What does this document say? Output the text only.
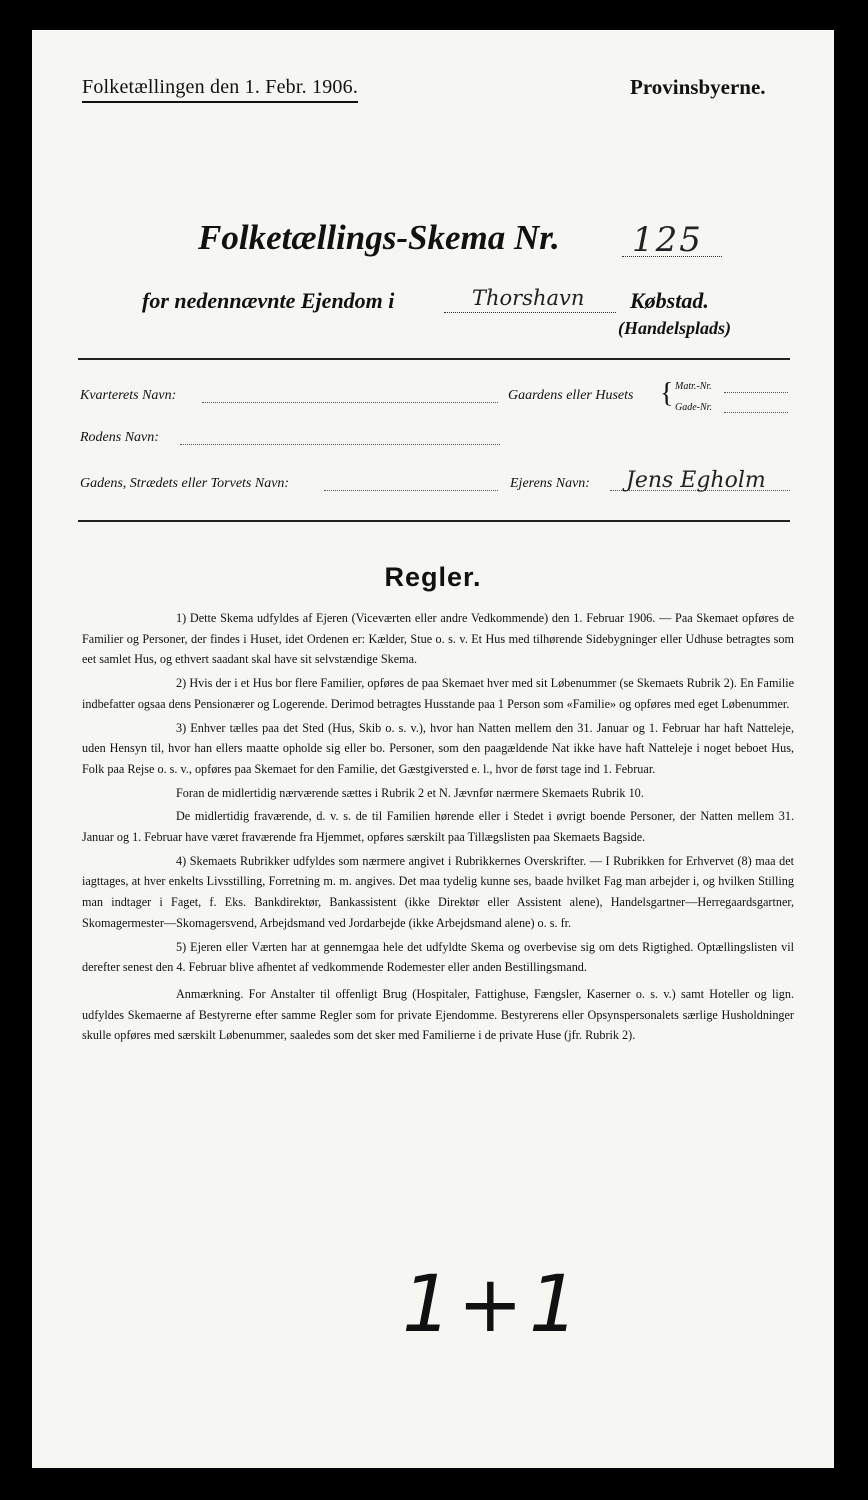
Folketællingen den 1. Febr. 1906.	Provinsbyerne.
Folketællings-Skema Nr. 125
for nedennævnte Ejendom i	Thorshavn Købstad.
(Handelsplads)
Kvarterets Navn:	Gaardens eller Husets { Matr.-Nr.
Gade-Nr.
Rodens Navn:
Gadens, Strædets eller Torvets Navn:	Ejerens Navn: Jens Egholm
Regler.

1) Dette Skema udfyldes af Ejeren (Viceværten eller andre Vedkommende) den 1. Februar 1906. — Paa Skemaet opføres de Familier og Personer, der findes i Huset, idet Ordenen er: Kælder, Stue o. s. v. Et Hus med tilhørende Sidebygninger eller Udhuse betragtes som eet samlet Hus, og ethvert saadant skal have sit selvstændige Skema.

2) Hvis der i et Hus bor flere Familier, opføres de paa Skemaet hver med sit Løbenummer (se Skemaets Rubrik 2). En Familie indbefatter ogsaa dens Pensionærer og Logerende. Derimod betragtes Husstande paa 1 Person som «Familie» og opføres med eget Løbenummer.

3) Enhver tælles paa det Sted (Hus, Skib o. s. v.), hvor han Natten mellem den 31. Januar og 1. Februar har haft Natteleje, uden Hensyn til, hvor han ellers maatte opholde sig eller bo. Personer, som den paagældende Nat ikke have haft Natteleje i noget beboet Hus, Folk paa Rejse o. s. v., opføres paa Skemaet for den Familie, det Gæstgiversted e. l., hvor de først tage ind 1. Februar.

Foran de midlertidig nærværende sættes i Rubrik 2 et N. Jævnfør nærmere Skemaets Rubrik 10.

De midlertidig fraværende, d. v. s. de til Familien hørende eller i Stedet i øvrigt boende Personer, der Natten mellem 31. Januar og 1. Februar have været fraværende fra Hjemmet, opføres særskilt paa Tillægslisten paa Skemaets Bagside.

4) Skemaets Rubrikker udfyldes som nærmere angivet i Rubrikkernes Overskrifter. — I Rubrikken for Erhvervet (8) maa det iagttages, at hver enkelts Livsstilling, Forretning m. m. angives. Det maa tydelig kunne ses, baade hvilket Fag man arbejder i, og hvilken Stilling man indtager i Faget, f. Eks. Bankdirektør, Bankassistent (ikke Direktør eller Assistent alene), Handelsgartner—Herregaardsgartner, Skomagermester—Skomagersvend, Arbejdsmand ved Jordarbejde (ikke Arbejdsmand alene) o. s. fr.

5) Ejeren eller Værten har at gennemgaa hele det udfyldte Skema og overbevise sig om dets Rigtighed. Optællingslisten vil derefter senest den 4. Februar blive afhentet af vedkommende Rodemester eller anden Bestillingsmand.

Anmærkning. For Anstalter til offenligt Brug (Hospitaler, Fattighuse, Fængsler, Kaserner o. s. v.) samt Hoteller og lign. udfyldes Skemaerne af Bestyrerne efter samme Regler som for private Ejendomme. Bestyrerens eller Opsynspersonalets særlige Husholdninger skulle opføres med særskilt Løbenummer, saaledes som det sker med Familierne i de private Huse (jfr. Rubrik 2).

1+1
